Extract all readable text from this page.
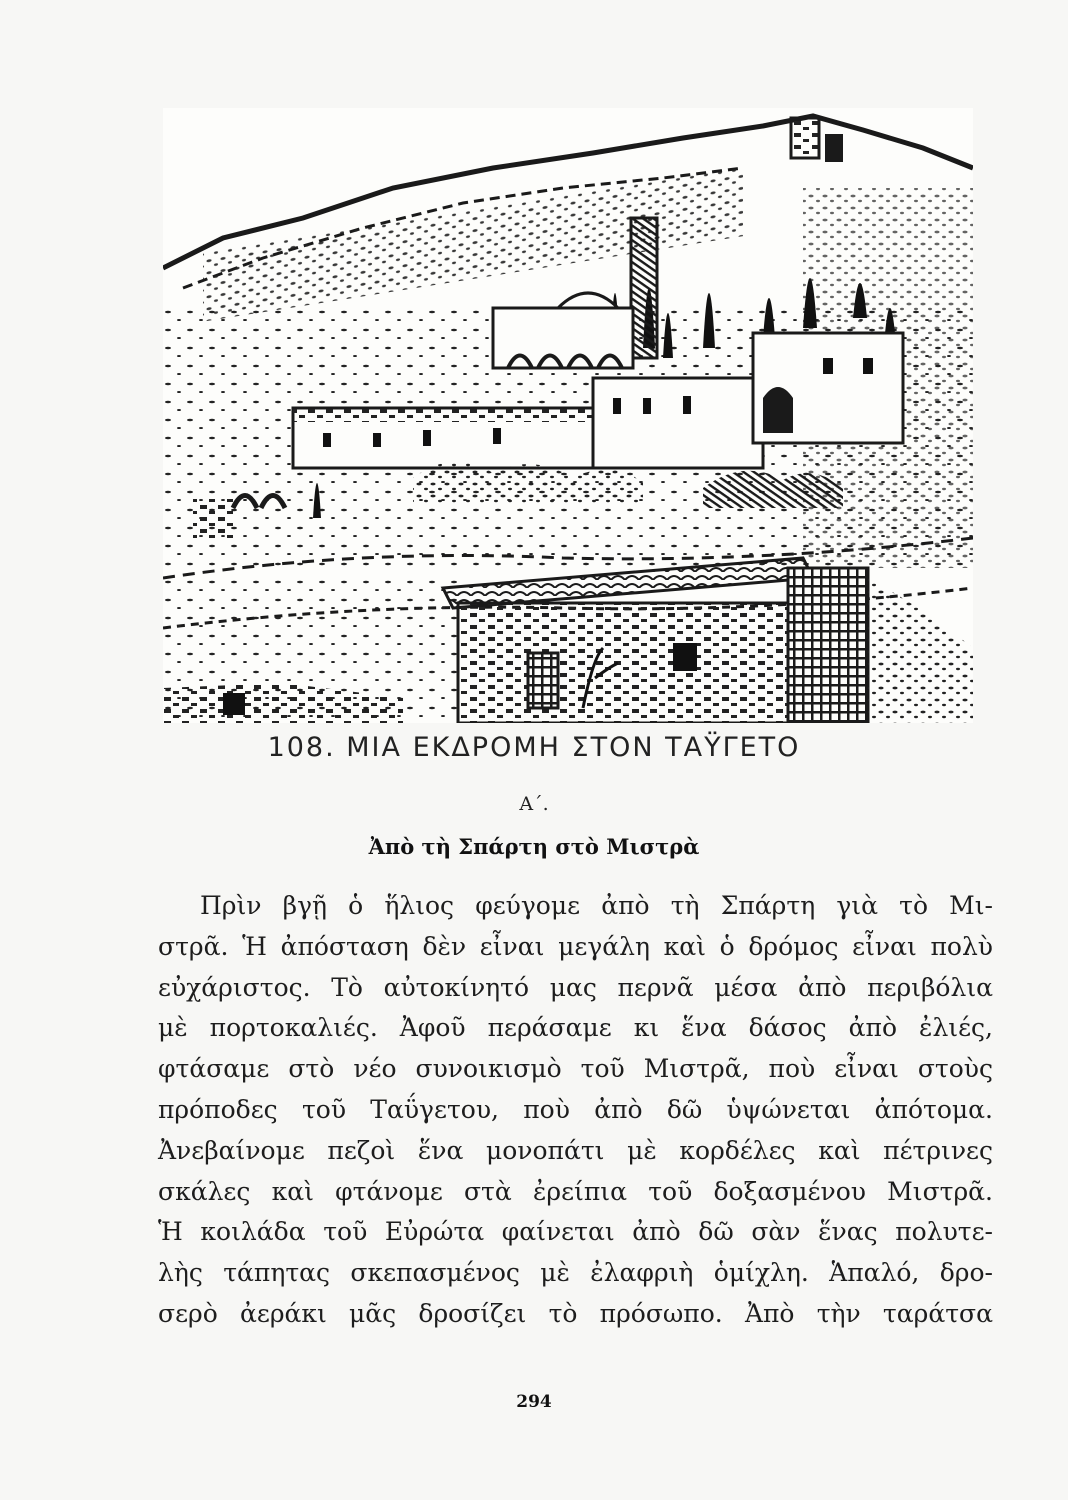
108. ΜΙΑ ΕΚΔΡΟΜΗ ΣΤΟΝ ΤΑΫΓΕΤΟ
Α΄.
Ἀπὸ τὴ Σπάρτη στὸ Μιστρὰ
Πρὶν βγῇ ὁ ἥλιος φεύγομε ἀπὸ τὴ Σπάρτη γιὰ τὸ Μι-
στρᾶ. Ἡ ἀπόσταση δὲν εἶναι μεγάλη καὶ ὁ δρόμος εἶναι πολὺ
εὐχάριστος. Τὸ αὐτοκίνητό μας περνᾶ μέσα ἀπὸ περιβόλια
μὲ πορτοκαλιές. Ἀφοῦ περάσαμε κι ἕνα δάσος ἀπὸ ἐλιές,
φτάσαμε στὸ νέο συνοικισμὸ τοῦ Μιστρᾶ, ποὺ εἶναι στοὺς
πρόποδες τοῦ Ταΰγετου, ποὺ ἀπὸ δῶ ὑψώνεται ἀπότομα.
Ἀνεβαίνομε πεζοὶ ἕνα μονοπάτι μὲ κορδέλες καὶ πέτρινες
σκάλες καὶ φτάνομε στὰ ἐρείπια τοῦ δοξασμένου Μιστρᾶ.
Ἡ κοιλάδα τοῦ Εὐρώτα φαίνεται ἀπὸ δῶ σὰν ἕνας πολυτε-
λὴς τάπητας σκεπασμένος μὲ ἐλαφριὴ ὁμίχλη. Ἁπαλό, δρο-
σερὸ ἀεράκι μᾶς δροσίζει τὸ πρόσωπο. Ἀπὸ τὴν ταράτσα
294
